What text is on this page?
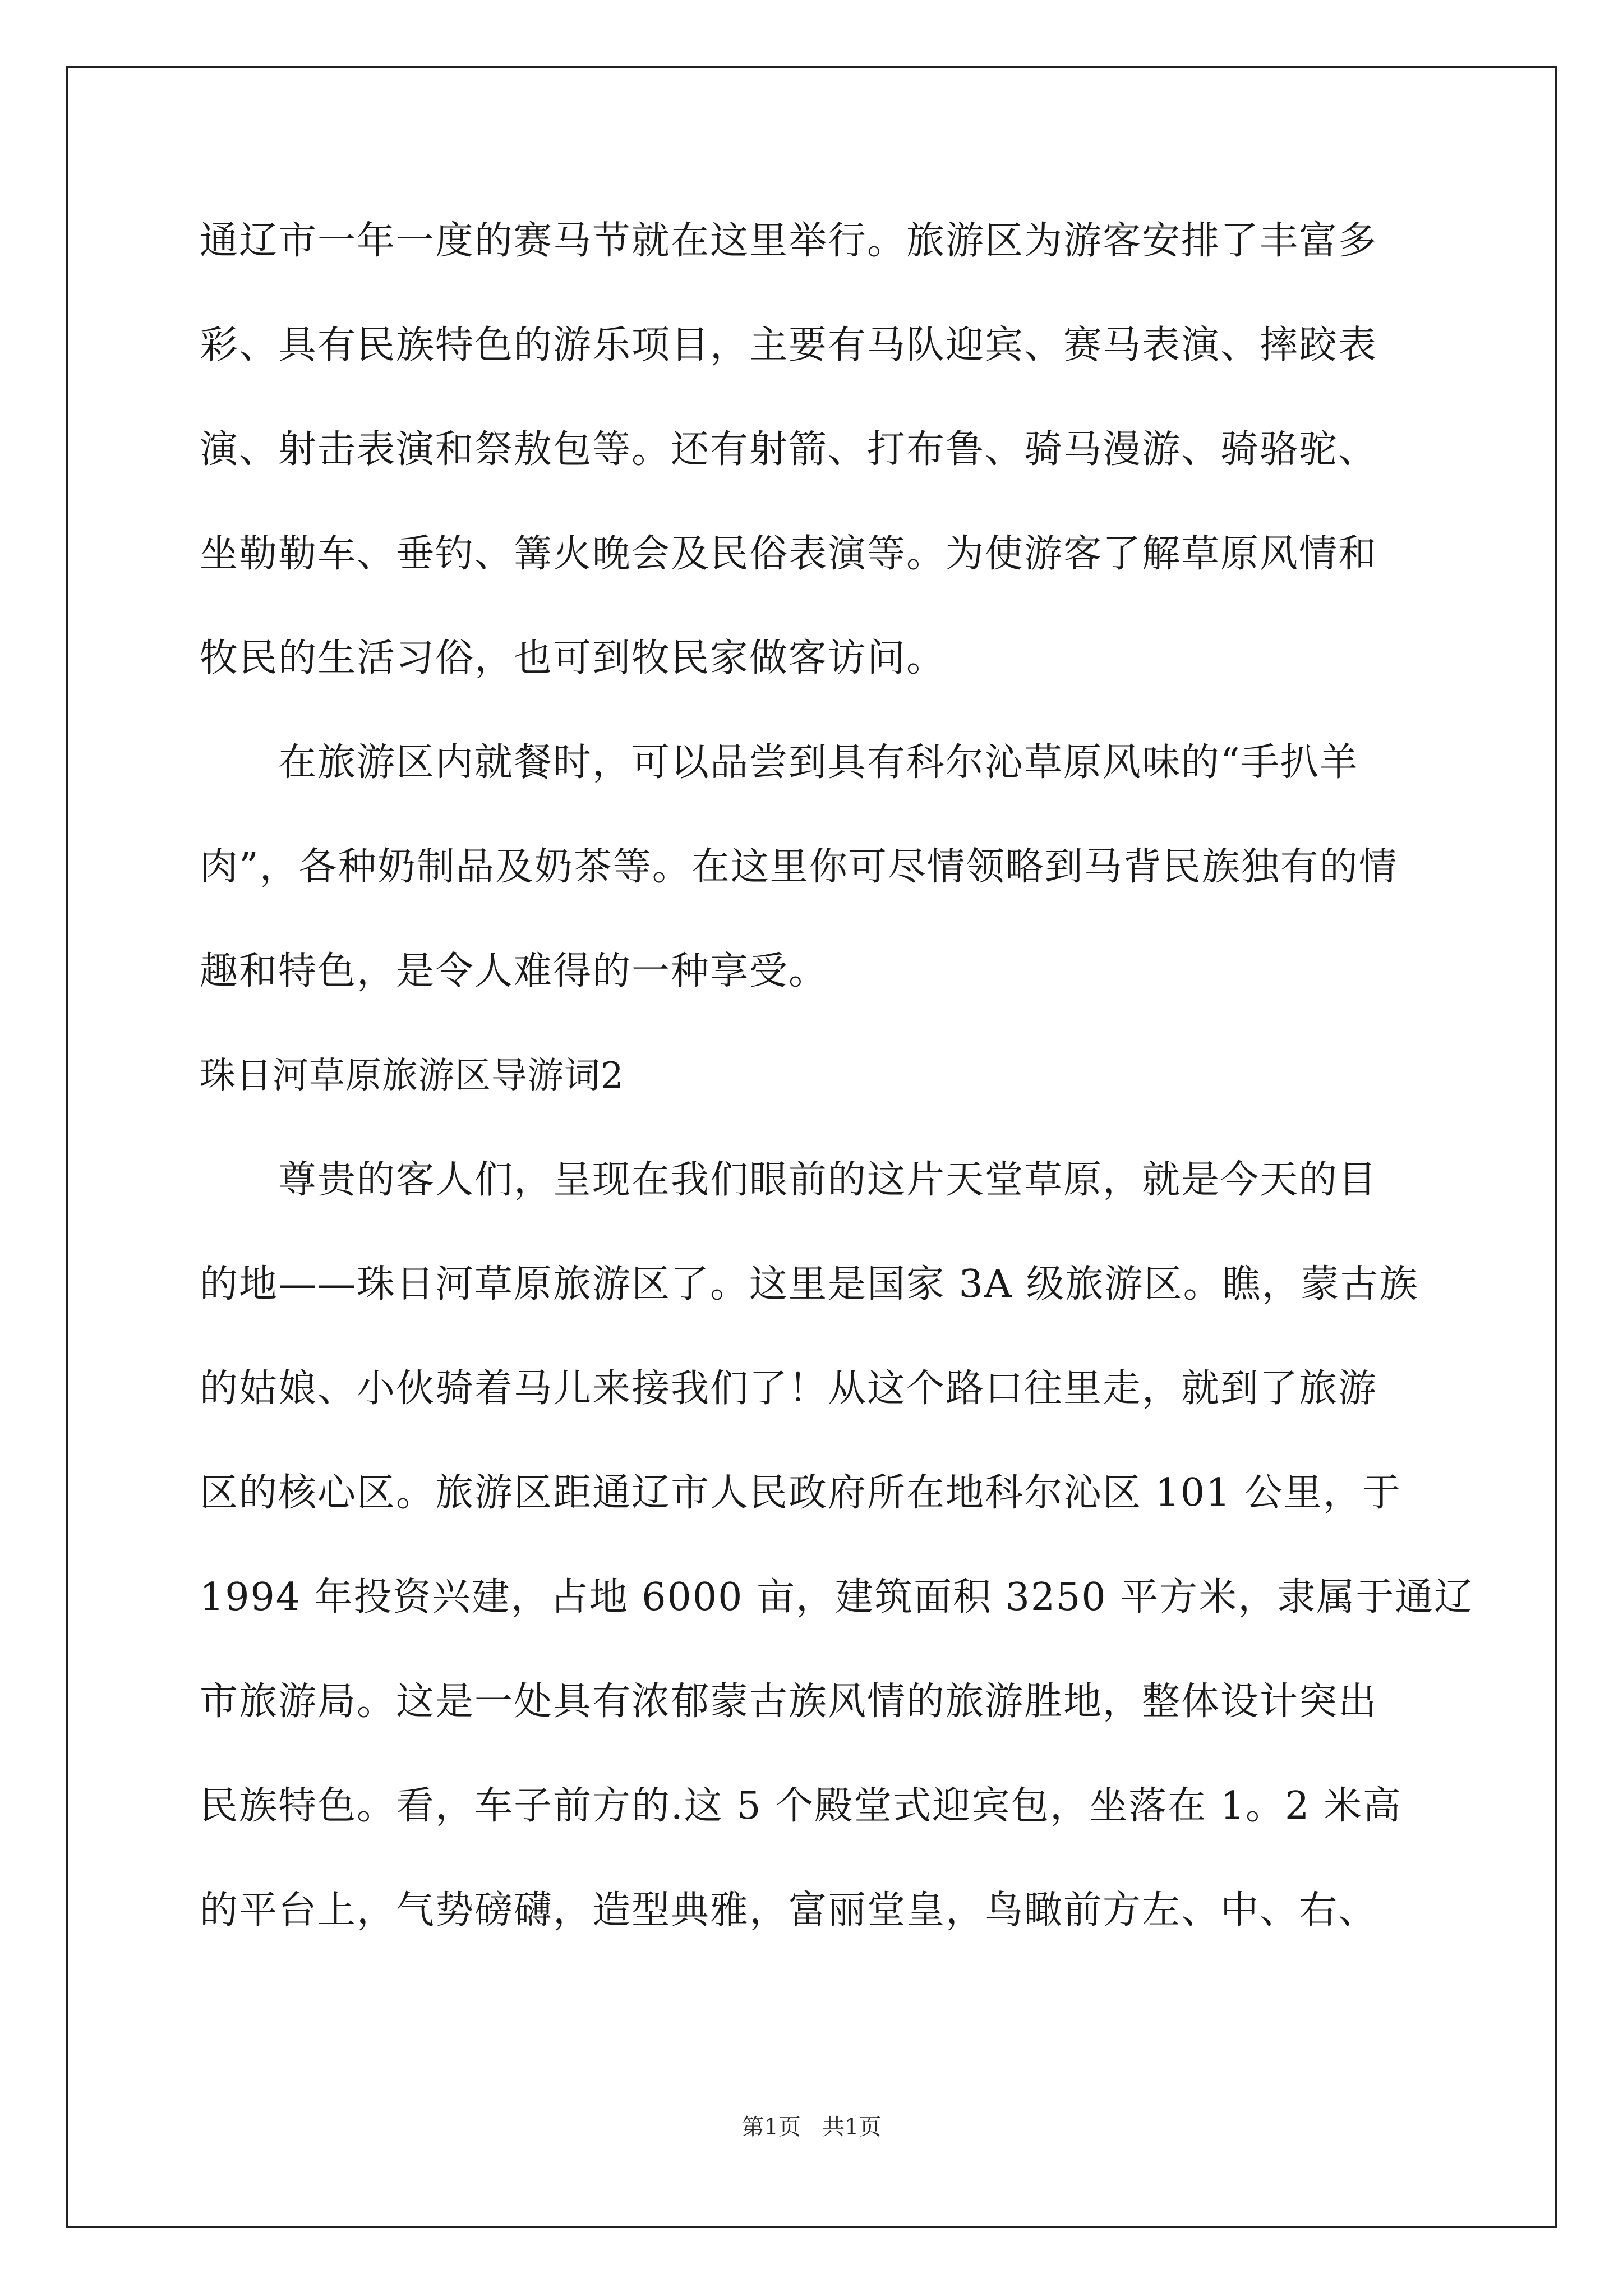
通辽市一年一度的赛马节就在这里举行。旅游区为游客安排了丰富多
彩、具有民族特色的游乐项目，主要有马队迎宾、赛马表演、摔跤表
演、射击表演和祭敖包等。还有射箭、打布鲁、骑马漫游、骑骆驼、
坐勒勒车、垂钓、篝火晚会及民俗表演等。为使游客了解草原风情和
牧民的生活习俗，也可到牧民家做客访问。
在旅游区内就餐时，可以品尝到具有科尔沁草原风味的“手扒羊
肉”，各种奶制品及奶茶等。在这里你可尽情领略到马背民族独有的情
趣和特色，是令人难得的一种享受。
珠日河草原旅游区导游词2
尊贵的客人们，呈现在我们眼前的这片天堂草原，就是今天的目
的地——珠日河草原旅游区了。这里是国家 3A 级旅游区。瞧，蒙古族
的姑娘、小伙骑着马儿来接我们了！从这个路口往里走，就到了旅游
区的核心区。旅游区距通辽市人民政府所在地科尔沁区 101 公里，于
1994 年投资兴建，占地 6000 亩，建筑面积 3250 平方米，隶属于通辽
市旅游局。这是一处具有浓郁蒙古族风情的旅游胜地，整体设计突出
民族特色。看，车子前方的.这 5 个殿堂式迎宾包，坐落在 1。2 米高
的平台上，气势磅礴，造型典雅，富丽堂皇，鸟瞰前方左、中、右、
第1页   共1页
